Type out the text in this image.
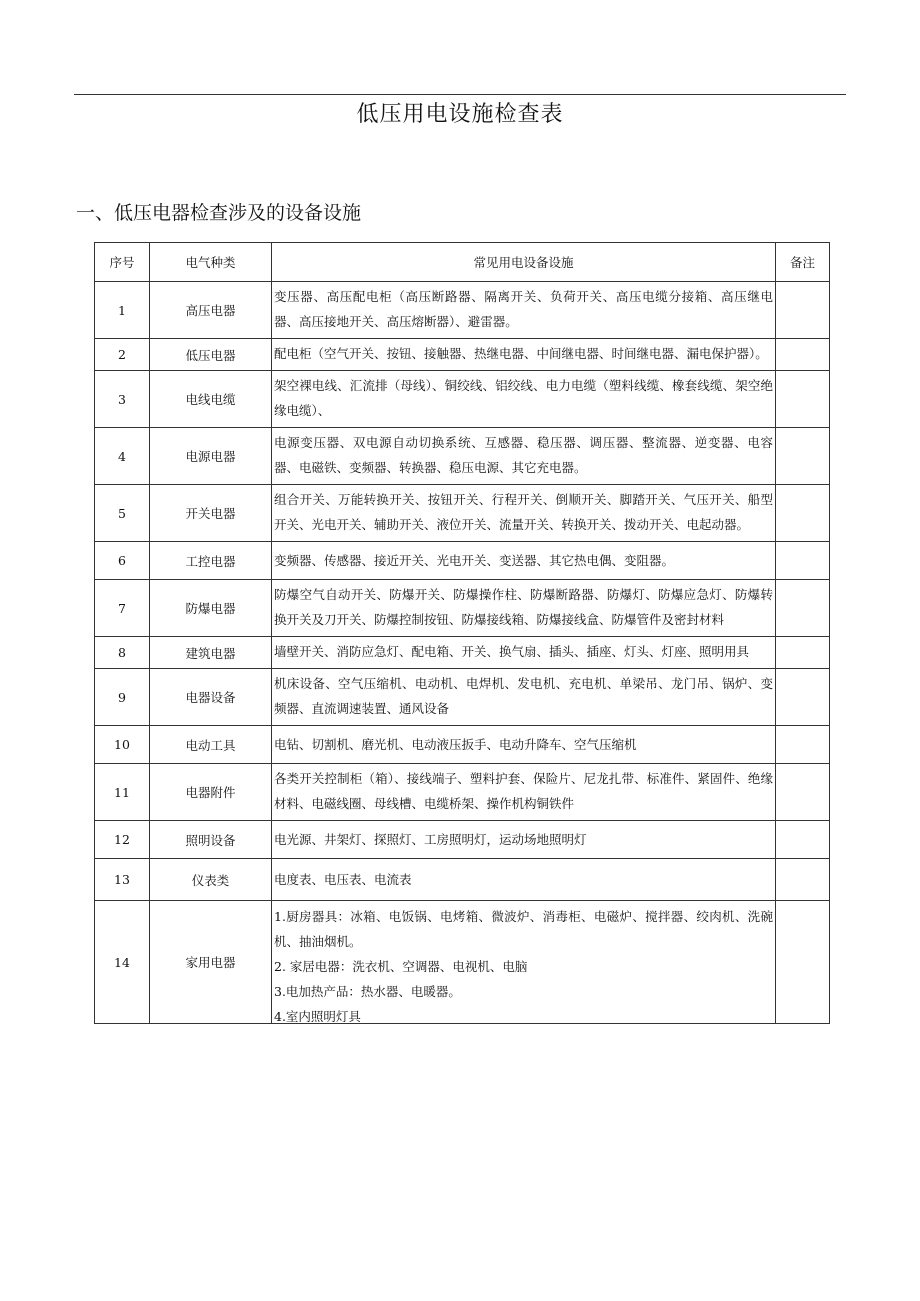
低压用电设施检查表
一、低压电器检查涉及的设备设施
序号	电气种类	常见用电设备设施	备注
1	高压电器	变压器、高压配电柜（高压断路器、隔离开关、负荷开关、高压电缆分接箱、高压继电器、高压接地开关、高压熔断器）、避雷器。	

2	低压电器	配电柜（空气开关、按钮、接触器、热继电器、中间继电器、时间继电器、漏电保护器）。	

3	电线电缆	架空裸电线、汇流排（母线）、铜绞线、铝绞线、电力电缆（塑料线缆、橡套线缆、架空绝缘电缆）、	

4	电源电器	电源变压器、双电源自动切换系统、互感器、稳压器、调压器、整流器、逆变器、电容器、电磁铁、变频器、转换器、稳压电源、其它充电器。	

5	开关电器	组合开关、万能转换开关、按钮开关、行程开关、倒顺开关、脚踏开关、气压开关、船型开关、光电开关、辅助开关、液位开关、流量开关、转换开关、拨动开关、电起动器。	

6	工控电器	变频器、传感器、接近开关、光电开关、变送器、其它热电偶、变阻器。	

7	防爆电器	防爆空气自动开关、防爆开关、防爆操作柱、防爆断路器、防爆灯、防爆应急灯、防爆转换开关及刀开关、防爆控制按钮、防爆接线箱、防爆接线盒、防爆管件及密封材料	

8	建筑电器	墙壁开关、消防应急灯、配电箱、开关、换气扇、插头、插座、灯头、灯座、照明用具	

9	电器设备	机床设备、空气压缩机、电动机、电焊机、发电机、充电机、单梁吊、龙门吊、锅炉、变频器、直流调速装置、通风设备	

10	电动工具	电钻、切割机、磨光机、电动液压扳手、电动升降车、空气压缩机	

11	电器附件	各类开关控制柜（箱）、接线端子、塑料护套、保险片、尼龙扎带、标准件、紧固件、绝缘材料、电磁线圈、母线槽、电缆桥架、操作机构铜铁件	

12	照明设备	电光源、井架灯、探照灯、工房照明灯，运动场地照明灯	

13	仪表类	电度表、电压表、电流表	

14	家用电器	1.厨房器具：冰箱、电饭锅、电烤箱、微波炉、消毒柜、电磁炉、搅拌器、绞肉机、洗碗机、抽油烟机。
2. 家居电器：洗衣机、空调器、电视机、电脑
3.电加热产品：热水器、电暖器。
4.室内照明灯具	
